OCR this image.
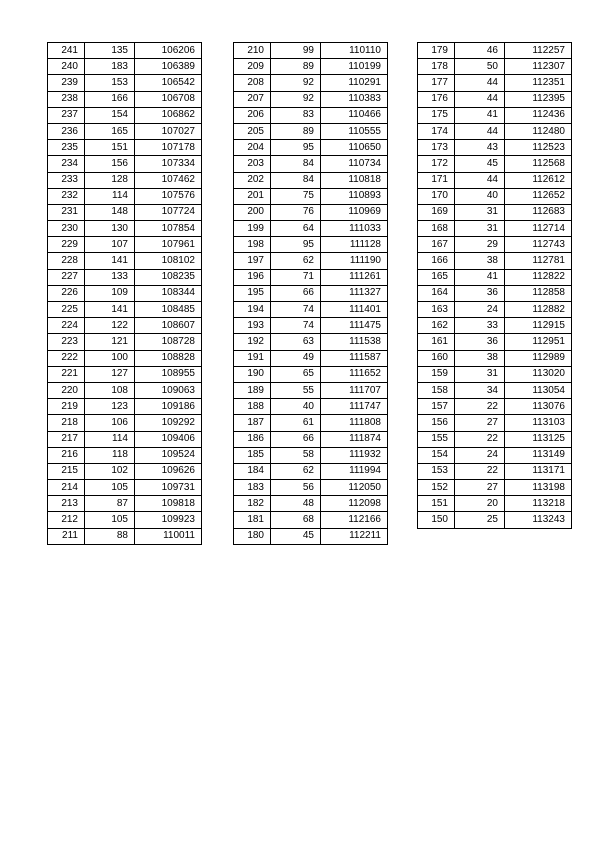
241	135	106206
240	183	106389
239	153	106542
238	166	106708
237	154	106862
236	165	107027
235	151	107178
234	156	107334
233	128	107462
232	114	107576
231	148	107724
230	130	107854
229	107	107961
228	141	108102
227	133	108235
226	109	108344
225	141	108485
224	122	108607
223	121	108728
222	100	108828
221	127	108955
220	108	109063
219	123	109186
218	106	109292
217	114	109406
216	118	109524
215	102	109626
214	105	109731
213	87	109818
212	105	109923
211	88	110011
210	99	110110
209	89	110199
208	92	110291
207	92	110383
206	83	110466
205	89	110555
204	95	110650
203	84	110734
202	84	110818
201	75	110893
200	76	110969
199	64	111033
198	95	111128
197	62	111190
196	71	111261
195	66	111327
194	74	111401
193	74	111475
192	63	111538
191	49	111587
190	65	111652
189	55	111707
188	40	111747
187	61	111808
186	66	111874
185	58	111932
184	62	111994
183	56	112050
182	48	112098
181	68	112166
180	45	112211
179	46	112257
178	50	112307
177	44	112351
176	44	112395
175	41	112436
174	44	112480
173	43	112523
172	45	112568
171	44	112612
170	40	112652
169	31	112683
168	31	112714
167	29	112743
166	38	112781
165	41	112822
164	36	112858
163	24	112882
162	33	112915
161	36	112951
160	38	112989
159	31	113020
158	34	113054
157	22	113076
156	27	113103
155	22	113125
154	24	113149
153	22	113171
152	27	113198
151	20	113218
150	25	113243
